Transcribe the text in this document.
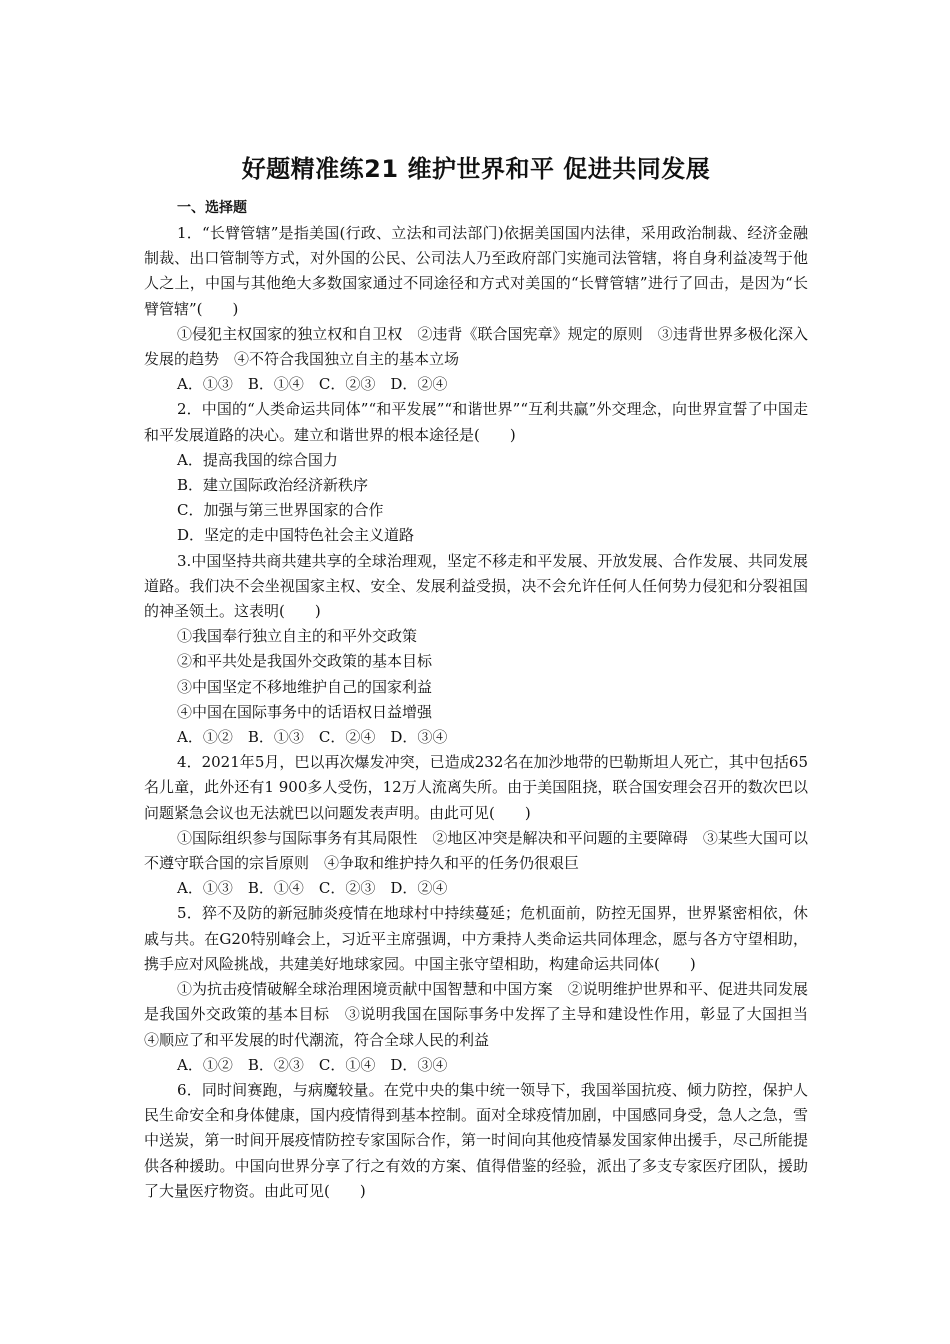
好题精准练21 维护世界和平 促进共同发展

一、选择题

1．“长臂管辖”是指美国(行政、立法和司法部门)依据美国国内法律，采用政治制裁、经济金融制裁、出口管制等方式，对外国的公民、公司法人乃至政府部门实施司法管辖，将自身利益凌驾于他人之上，中国与其他绝大多数国家通过不同途径和方式对美国的“长臂管辖”进行了回击，是因为“长臂管辖”(　　)

①侵犯主权国家的独立权和自卫权　②违背《联合国宪章》规定的原则　③违背世界多极化深入发展的趋势　④不符合我国独立自主的基本立场

A．①③　B．①④　C．②③　D．②④

2．中国的“人类命运共同体”“和平发展”“和谐世界”“互利共赢”外交理念，向世界宣誓了中国走和平发展道路的决心。建立和谐世界的根本途径是(　　)

A．提高我国的综合国力

B．建立国际政治经济新秩序

C．加强与第三世界国家的合作

D．坚定的走中国特色社会主义道路

3.中国坚持共商共建共享的全球治理观，坚定不移走和平发展、开放发展、合作发展、共同发展道路。我们决不会坐视国家主权、安全、发展利益受损，决不会允许任何人任何势力侵犯和分裂祖国的神圣领土。这表明(　　)

①我国奉行独立自主的和平外交政策

②和平共处是我国外交政策的基本目标

③中国坚定不移地维护自己的国家利益

④中国在国际事务中的话语权日益增强

A．①②　B．①③　C．②④　D．③④

4．2021年5月，巴以再次爆发冲突，已造成232名在加沙地带的巴勒斯坦人死亡，其中包括65名儿童，此外还有1 900多人受伤，12万人流离失所。由于美国阻挠，联合国安理会召开的数次巴以问题紧急会议也无法就巴以问题发表声明。由此可见(　　)

①国际组织参与国际事务有其局限性　②地区冲突是解决和平问题的主要障碍　③某些大国可以不遵守联合国的宗旨原则　④争取和维护持久和平的任务仍很艰巨

A．①③　B．①④　C．②③　D．②④

5．猝不及防的新冠肺炎疫情在地球村中持续蔓延；危机面前，防控无国界，世界紧密相依，休戚与共。在G20特别峰会上，习近平主席强调，中方秉持人类命运共同体理念，愿与各方守望相助，携手应对风险挑战，共建美好地球家园。中国主张守望相助，构建命运共同体(　　)

①为抗击疫情破解全球治理困境贡献中国智慧和中国方案　②说明维护世界和平、促进共同发展是我国外交政策的基本目标　③说明我国在国际事务中发挥了主导和建设性作用，彰显了大国担当　④顺应了和平发展的时代潮流，符合全球人民的利益

A．①②　B．②③　C．①④　D．③④

6．同时间赛跑，与病魔较量。在党中央的集中统一领导下，我国举国抗疫、倾力防控，保护人民生命安全和身体健康，国内疫情得到基本控制。面对全球疫情加剧，中国感同身受，急人之急，雪中送炭，第一时间开展疫情防控专家国际合作，第一时间向其他疫情暴发国家伸出援手，尽己所能提供各种援助。中国向世界分享了行之有效的方案、值得借鉴的经验，派出了多支专家医疗团队，援助了大量医疗物资。由此可见(　　)
